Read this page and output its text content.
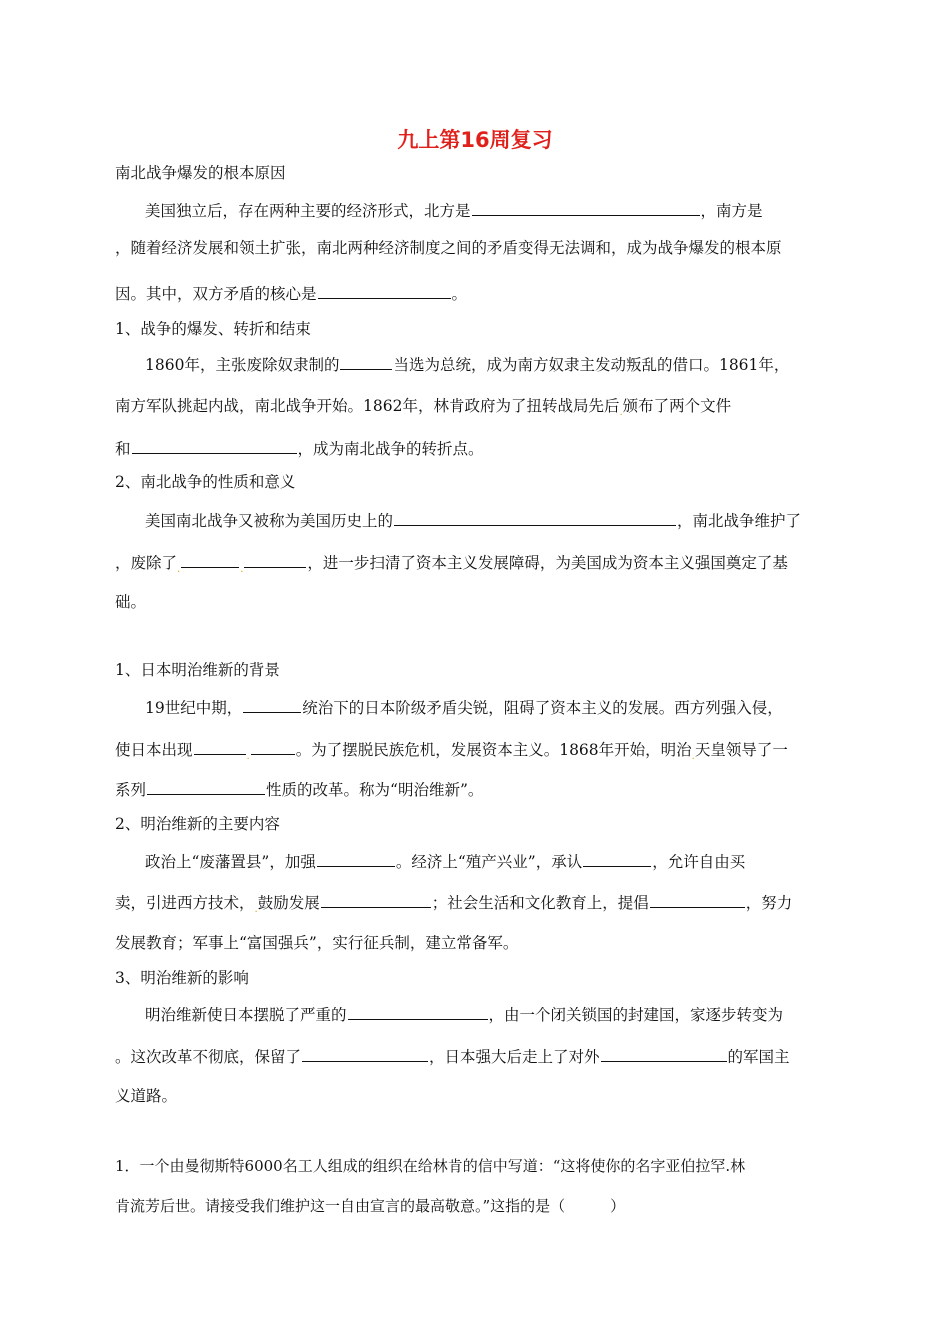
九上第16周复习
南北战争爆发的根本原因
美国独立后，存在两种主要的经济形式，北方是	，南方是
，随着经济发展和领土扩张，南北两种经济制度之间的矛盾变得无法调和，成为战争爆发的根本原
因。其中，双方矛盾的核心是	。
1、战争的爆发、转折和结束
1860年，主张废除奴隶制的	当选为总统，成为南方奴隶主发动叛乱的借口。1861年，
南方军队挑起内战，南北战争开始。1862年，林肯政府为了扭转战局先后$_.$颁布了两个文件
和	，成为南北战争的转折点。
2、南北战争的性质和意义
美国南北战争又被称为美国历史上的	，南北战争维护了
，废除了$_.$	$_.$	，进一步扫清了资本主义发展障碍，为美国成为资本主义强国奠定了基
础。
1、日本明治维新的背景
19世纪中期，	统治下的日本阶级矛盾尖锐，阻碍了资本主义的发展。西方列强入侵，
使日本出现	$_.$	。为了摆脱民族危机，发展资本主义。1868年开始，明治$_.$天皇领导了一
系列	性质的改革。称为“明治维新”。
2、明治维新的主要内容
政治上“废藩置县”，加强	。经济上“殖产兴业”，承认	，允许自由买
卖，引进西方技术，$_.$鼓励发展	；社会生活和文化教育上，提倡	，努力
发展教育；军事上“富国强兵”，实行征兵制，建立常备军。
3、明治维新的影响
明治维新使日本摆脱了严重的	，由一个闭关锁国的封建国，家逐步转变为
。这次改革不彻底，保留了	，日本强大后走上了对外	的军国主
义道路。
1．一个由曼彻斯特6000名工人组成的组织在给林肯的信中写道：“这将使你的名字亚伯拉罕.林
肯流芳后世。请接受我们维护这一自由宣言的最高敬意。”这指的是（　　　）
